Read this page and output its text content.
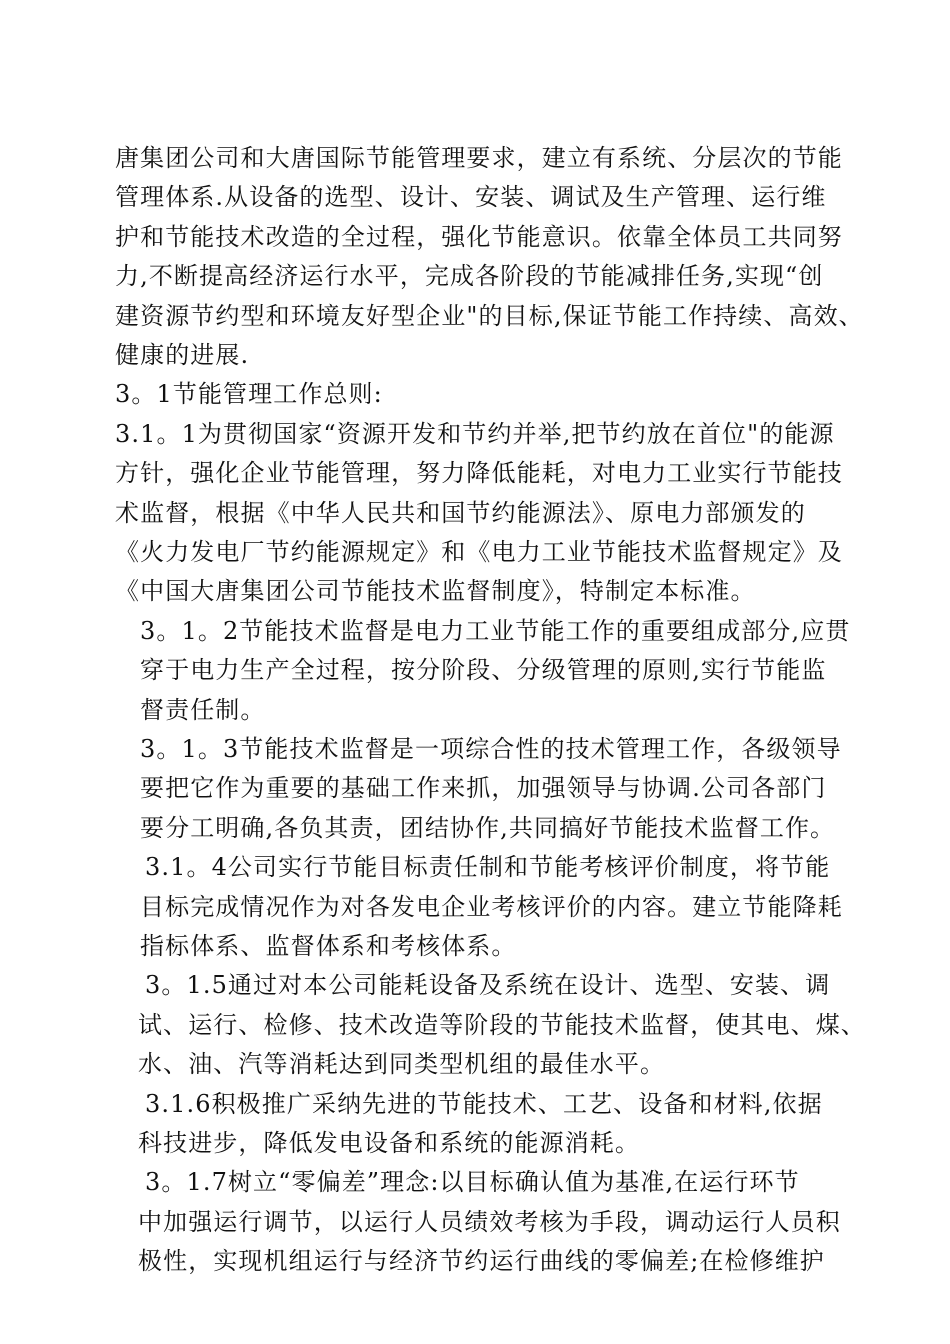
唐集团公司和大唐国际节能管理要求，建立有系统、分层次的节能
管理体系.从设备的选型、设计、安装、调试及生产管理、运行维
护和节能技术改造的全过程，强化节能意识。依靠全体员工共同努
力,不断提高经济运行水平，完成各阶段的节能减排任务,实现“创
建资源节约型和环境友好型企业"的目标,保证节能工作持续、高效、
健康的进展.
3。1节能管理工作总则:
3.1。1为贯彻国家“资源开发和节约并举,把节约放在首位"的能源
方针，强化企业节能管理，努力降低能耗，对电力工业实行节能技
术监督，根据《中华人民共和国节约能源法》、原电力部颁发的
《火力发电厂节约能源规定》和《电力工业节能技术监督规定》及
《中国大唐集团公司节能技术监督制度》，特制定本标准。
3。1。2节能技术监督是电力工业节能工作的重要组成部分,应贯
穿于电力生产全过程，按分阶段、分级管理的原则,实行节能监
督责任制。
3。1。3节能技术监督是一项综合性的技术管理工作，各级领导
要把它作为重要的基础工作来抓，加强领导与协调.公司各部门
要分工明确,各负其责，团结协作,共同搞好节能技术监督工作。
3.1。4公司实行节能目标责任制和节能考核评价制度，将节能
目标完成情况作为对各发电企业考核评价的内容。建立节能降耗
指标体系、监督体系和考核体系。
3。1.5通过对本公司能耗设备及系统在设计、选型、安装、调
试、运行、检修、技术改造等阶段的节能技术监督，使其电、煤、
水、油、汽等消耗达到同类型机组的最佳水平。
3.1.6积极推广采纳先进的节能技术、工艺、设备和材料,依据
科技进步，降低发电设备和系统的能源消耗。
3。1.7树立“零偏差”理念:以目标确认值为基准,在运行环节
中加强运行调节，以运行人员绩效考核为手段，调动运行人员积
极性，实现机组运行与经济节约运行曲线的零偏差;在检修维护
